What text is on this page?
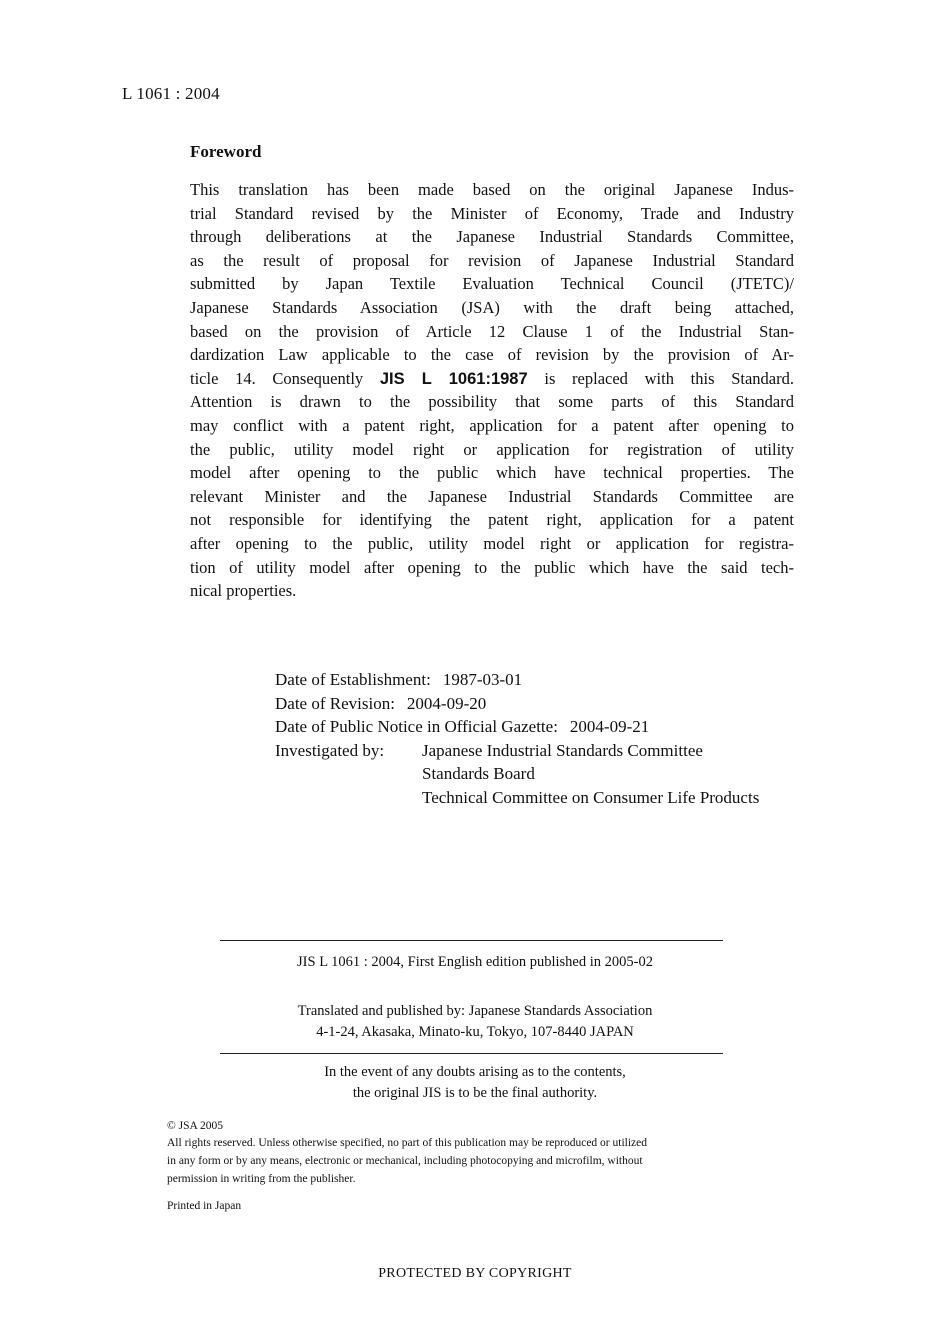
L 1061 : 2004
Foreword
This translation has been made based on the original Japanese Indus-
trial Standard revised by the Minister of Economy, Trade and Industry
through deliberations at the Japanese Industrial Standards Committee,
as the result of proposal for revision of Japanese Industrial Standard
submitted by Japan Textile Evaluation Technical Council (JTETC)/
Japanese Standards Association (JSA) with the draft being attached,
based on the provision of Article 12 Clause 1 of the Industrial Stan-
dardization Law applicable to the case of revision by the provision of Ar-
ticle 14. Consequently JIS L 1061:1987 is replaced with this Standard.
Attention is drawn to the possibility that some parts of this Standard
may conflict with a patent right, application for a patent after opening to
the public, utility model right or application for registration of utility
model after opening to the public which have technical properties. The
relevant Minister and the Japanese Industrial Standards Committee are
not responsible for identifying the patent right, application for a patent
after opening to the public, utility model right or application for registra-
tion of utility model after opening to the public which have the said tech-
nical properties.
Date of Establishment: 1987-03-01
Date of Revision: 2004-09-20
Date of Public Notice in Official Gazette: 2004-09-21
Investigated by:	Japanese Industrial Standards Committee
Standards Board
Technical Committee on Consumer Life Products
JIS L 1061 : 2004, First English edition published in 2005-02
Translated and published by: Japanese Standards Association
4-1-24, Akasaka, Minato-ku, Tokyo, 107-8440 JAPAN
In the event of any doubts arising as to the contents,
the original JIS is to be the final authority.
© JSA 2005
All rights reserved. Unless otherwise specified, no part of this publication may be reproduced or utilized
in any form or by any means, electronic or mechanical, including photocopying and microfilm, without
permission in writing from the publisher.
Printed in Japan
PROTECTED BY COPYRIGHT
